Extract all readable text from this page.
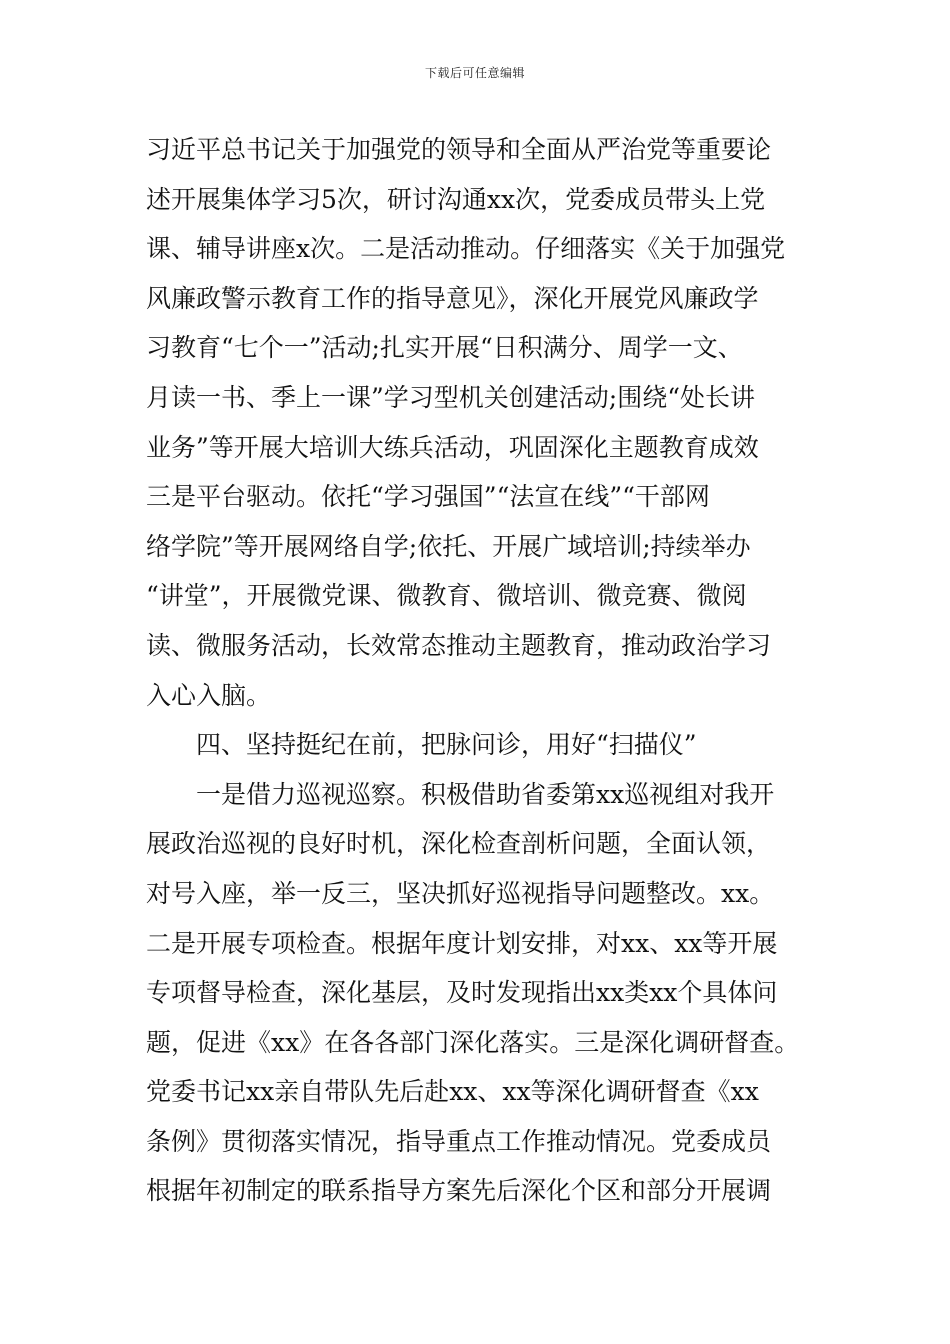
下载后可任意编辑
习近平总书记关于加强党的领导和全面从严治党等重要论
述开展集体学习5次，研讨沟通xx次，党委成员带头上党
课、辅导讲座x次。二是活动推动。仔细落实《关于加强党
风廉政警示教育工作的指导意见》，深化开展党风廉政学
习教育“七个一”活动;扎实开展“日积满分、周学一文、
月读一书、季上一课”学习型机关创建活动;围绕“处长讲
业务”等开展大培训大练兵活动，巩固深化主题教育成效
三是平台驱动。依托“学习强国”“法宣在线”“干部网
络学院”等开展网络自学;依托、开展广域培训;持续举办
“讲堂”，开展微党课、微教育、微培训、微竞赛、微阅
读、微服务活动，长效常态推动主题教育，推动政治学习
入心入脑。
四、坚持挺纪在前，把脉问诊，用好“扫描仪”
一是借力巡视巡察。积极借助省委第xx巡视组对我开
展政治巡视的良好时机，深化检查剖析问题，全面认领，
对号入座，举一反三，坚决抓好巡视指导问题整改。xx。
二是开展专项检查。根据年度计划安排，对xx、xx等开展
专项督导检查，深化基层，及时发现指出xx类xx个具体问
题，促进《xx》在各各部门深化落实。三是深化调研督查。
党委书记xx亲自带队先后赴xx、xx等深化调研督查《xx
条例》贯彻落实情况，指导重点工作推动情况。党委成员
根据年初制定的联系指导方案先后深化个区和部分开展调
